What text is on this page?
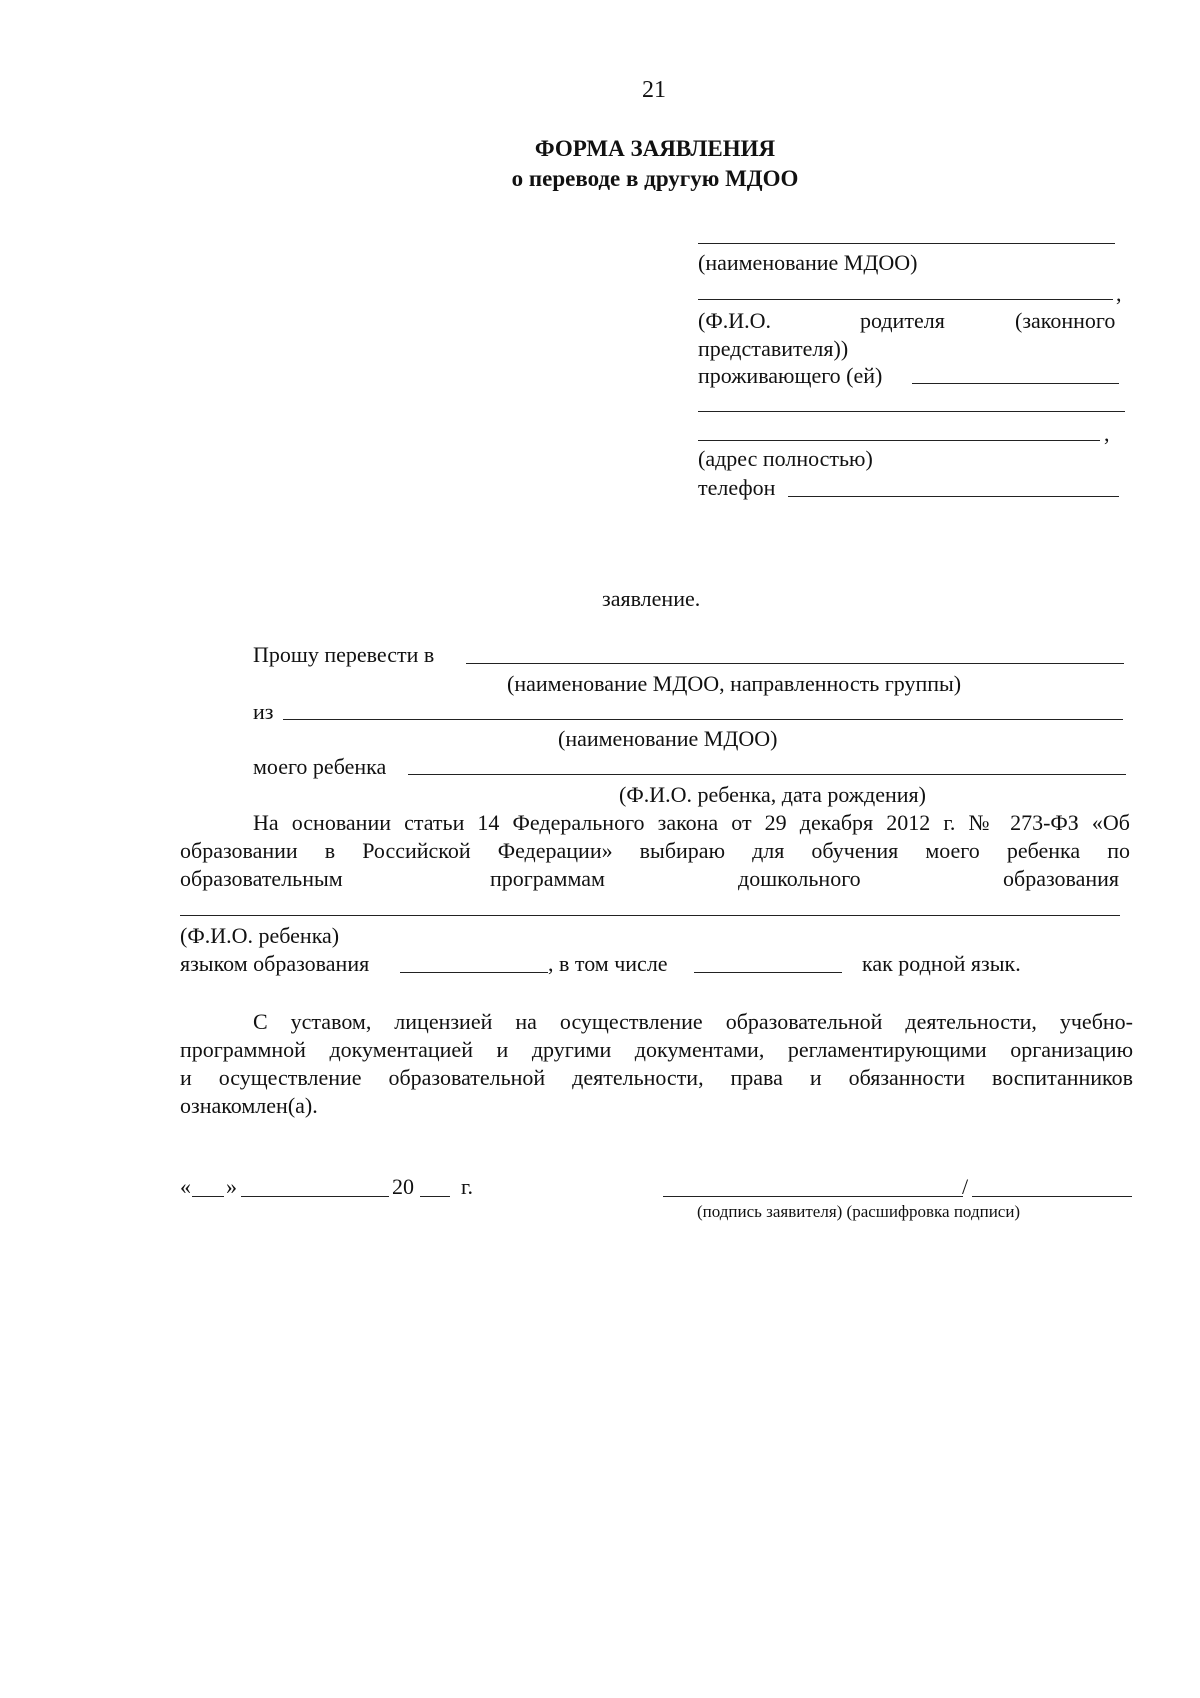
21
ФОРМА ЗАЯВЛЕНИЯ
о переводе в другую МДОО
(наименование МДОО)
,
(Ф.И.О.	родителя	(законного
представителя))
проживающего (ей)
,
(адрес полностью)
телефон
заявление.
Прошу перевести в
(наименование МДОО, направленность группы)
из
(наименование МДОО)
моего ребенка
(Ф.И.О. ребенка, дата рождения)
На основании статьи 14 Федерального закона от 29 декабря 2012 г. № 273-ФЗ «Об
образовании в Российской Федерации» выбираю для обучения моего ребенка по
образовательным	программам	дошкольного	образования
(Ф.И.О. ребенка)
языком образования	, в том числе	как родной язык.
С уставом, лицензией на осуществление образовательной деятельности, учебно-
программной документацией и другими документами, регламентирующими организацию
и осуществление образовательной деятельности, права и обязанности воспитанников
ознакомлен(а).
« »	20 г.	/
(подпись заявителя) (расшифровка подписи)
